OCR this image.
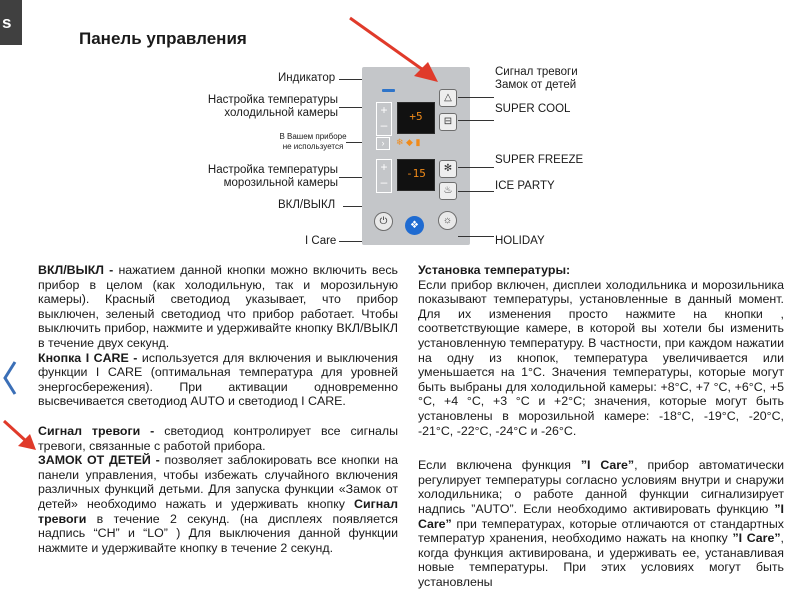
s
Панель управления
Индикатор
Настройка температуры
холодильной камеры
В Вашем приборе
не используется
Настройка температуры
морозильной камеры
ВКЛ/ВЫКЛ
I Care
+
–
+5
›	❄ ◆ ▮
+
–
-15
△
⊟
✻
♨
⏻	❖	☼
Сигнал тревоги
Замок от детей
SUPER COOL
SUPER FREEZE
ICE PARTY
HOLIDAY

ВКЛ/ВЫКЛ - нажатием данной кнопки можно включить весь прибор в целом (как холодильную, так и морозильную камеры). Красный светодиод указывает, что прибор выключен, зеленый светодиод что прибор работает. Чтобы выключить прибор, нажмите и удерживайте кнопку ВКЛ/ВЫКЛ в течение двух секунд.

Кнопка I CARE - используется для включения и выключения функции I CARE (оптимальная температура для уровней энергосбережения). При активации одновременно высвечивается светодиод AUTO и светодиод I CARE.

Сигнал тревоги - светодиод контролирует все сигналы тревоги, связанные с работой прибора.

ЗАМОК ОТ ДЕТЕЙ - позволяет заблокировать все кнопки на панели управления, чтобы избежать случайного включения различных функций детьми. Для запуска функции «Замок от детей» необходимо нажать и удерживать кнопку Сигнал тревоги в течение 2 секунд. (на дисплеях появляется надпись “CH” и “LO” ) Для выключения данной функции нажмите и удерживайте кнопку в течение 2 секунд.

Установка температуры:

Если прибор включен, дисплеи холодильника и морозильника показывают температуры, установленные в данный момент. Для их изменения просто нажмите на кнопки , соответствующие камере, в которой вы хотели бы изменить установленную температуру. В частности, при каждом нажатии на одну из кнопок, температура увеличивается или уменьшается на 1°C. Значения температуры, которые могут быть выбраны для холодильной камеры: +8°C, +7 °C, +6°C, +5 °C, +4 °C, +3 °C и +2°C; значения, которые могут быть установлены в морозильной камере: -18°C, -19°C, -20°C, -21°C, -22°C, -24°C и -26°C.

Если включена функция ”I Care”, прибор автоматически регулирует температуры согласно условиям внутри и снаружи холодильника; о работе данной функции сигнализирует надпись ”AUTO”. Если необходимо активировать функцию ”I Care” при температурах, которые отличаются от стандартных температур хранения, необходимо нажать на кнопку ”I Care”, когда функция активирована, и удерживать ее, устанавливая новые температуры. При этих условиях могут быть установлены
